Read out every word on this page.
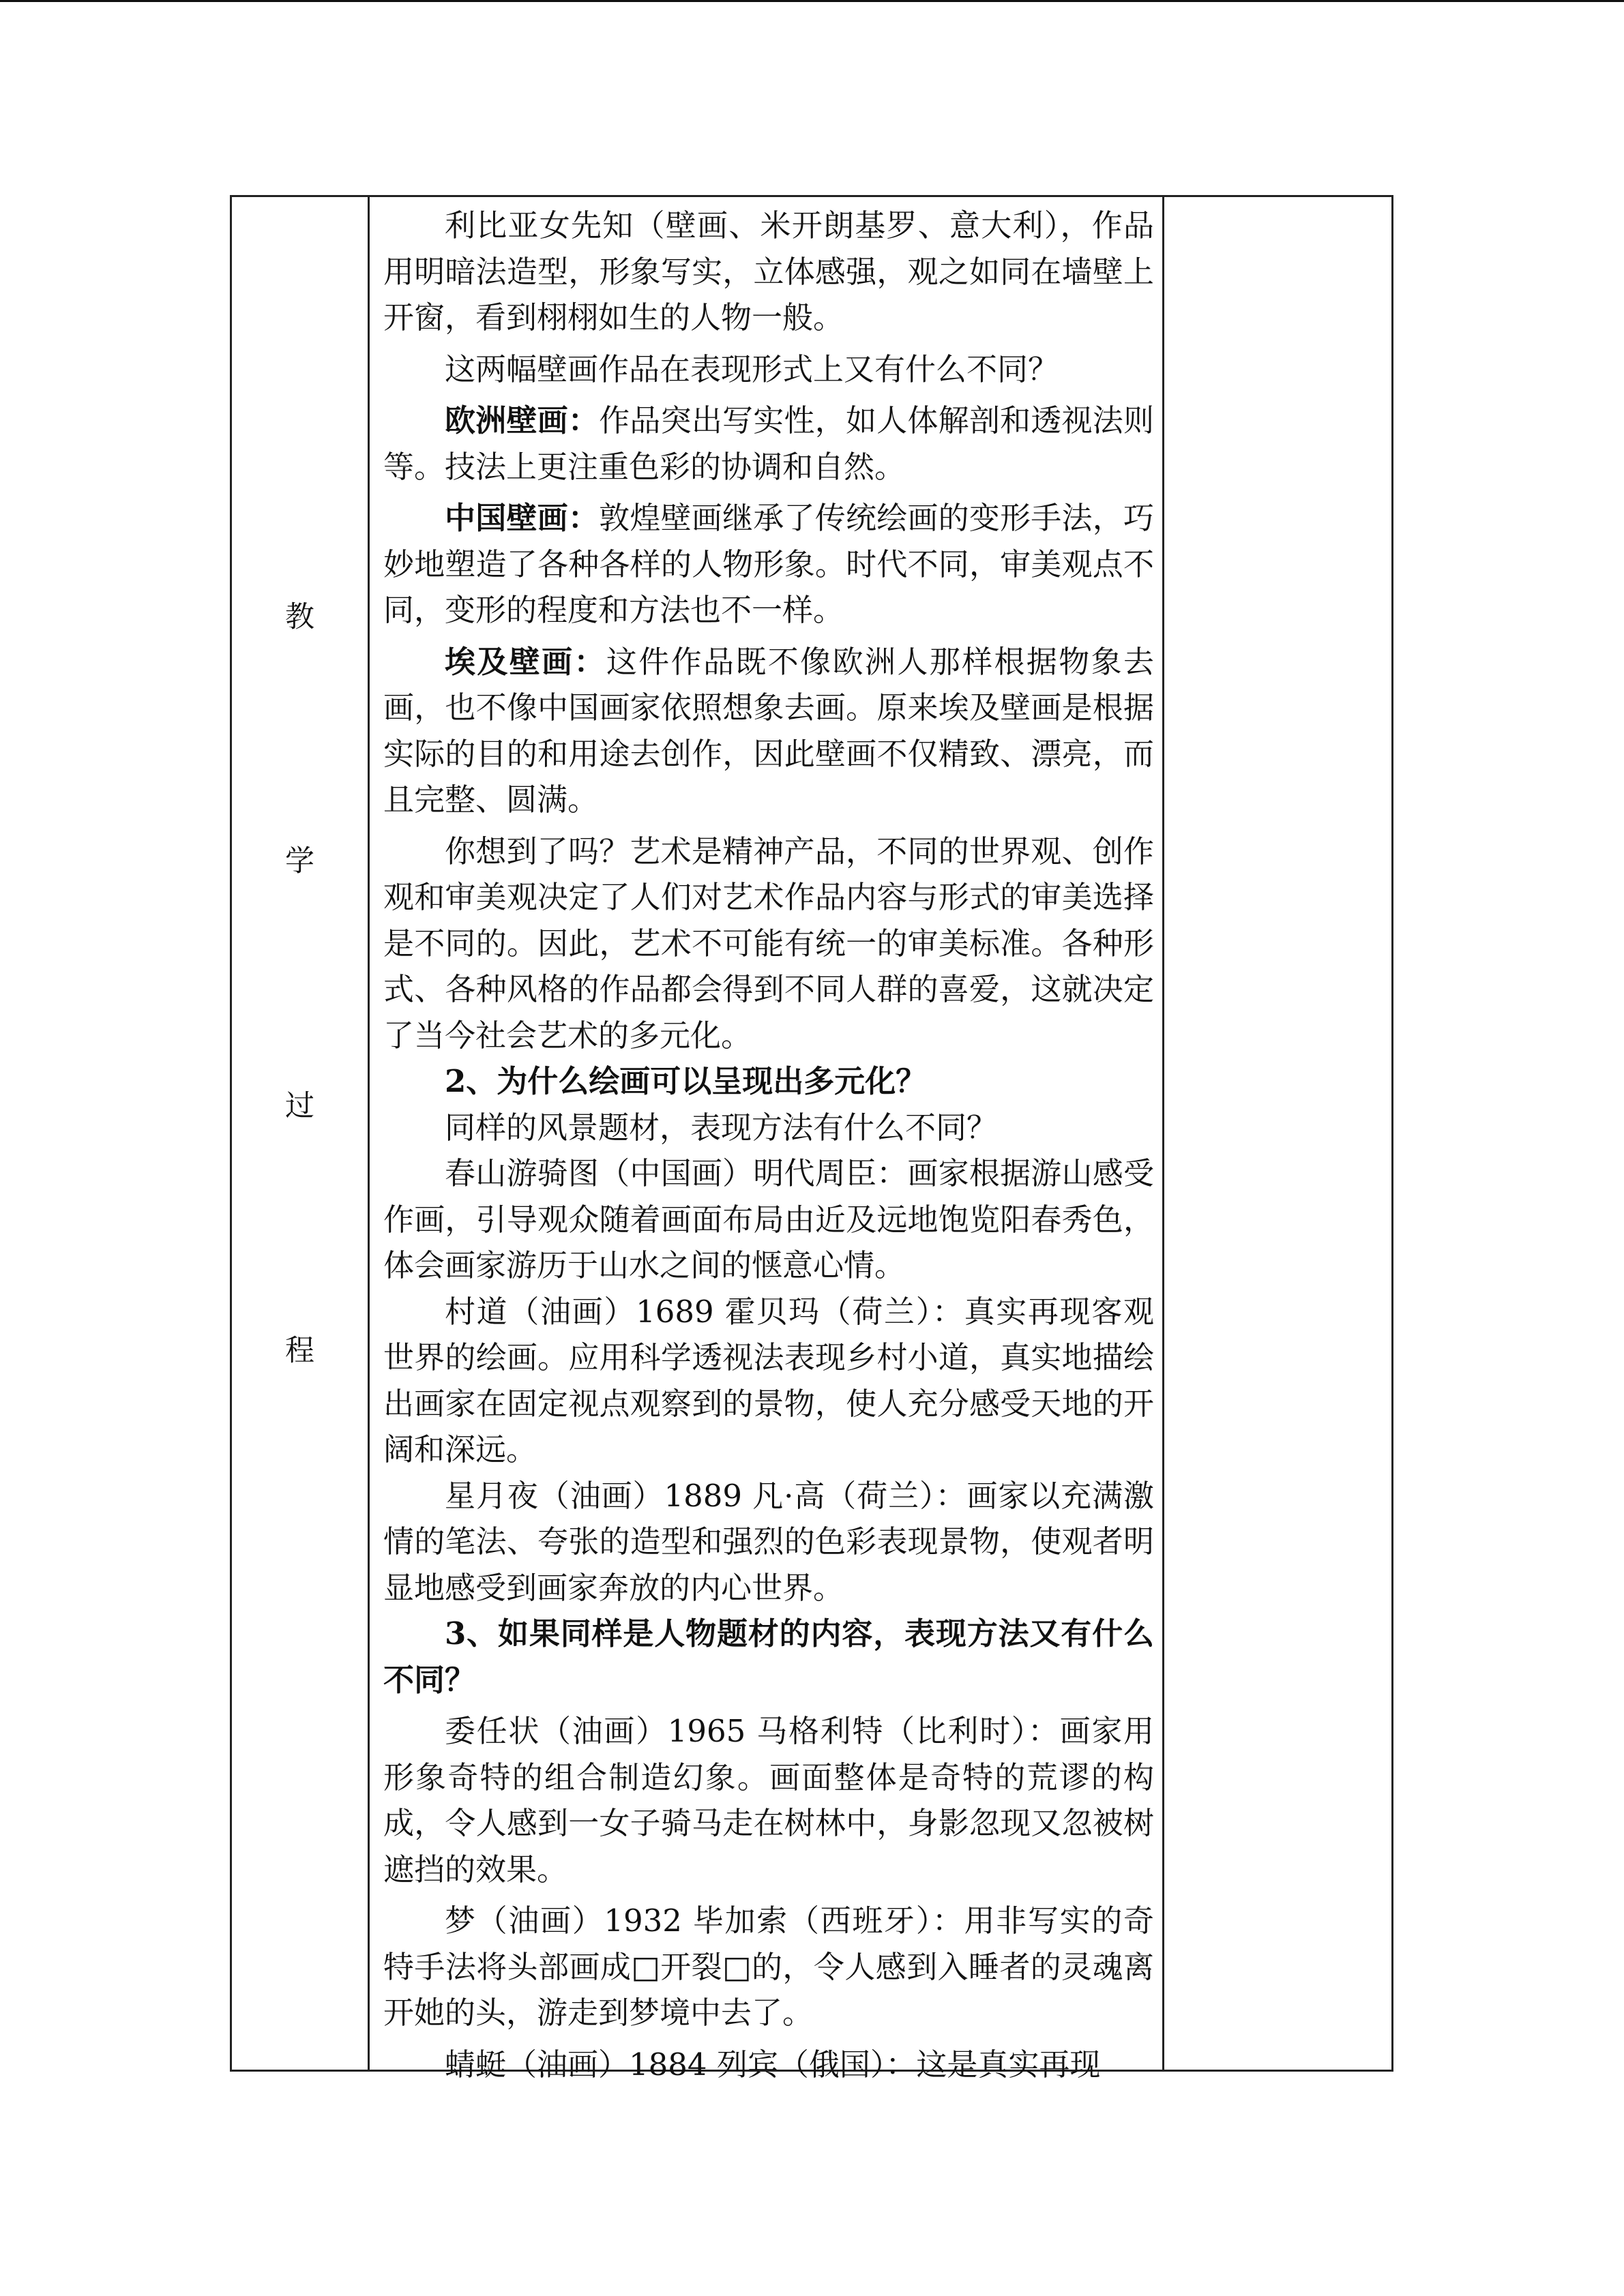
教
学
过
程

利比亚女先知（壁画、米开朗基罗、意大利），作品用明暗法造型，形象写实，立体感强，观之如同在墙壁上开窗，看到栩栩如生的人物一般。

这两幅壁画作品在表现形式上又有什么不同？

欧洲壁画：作品突出写实性，如人体解剖和透视法则等。技法上更注重色彩的协调和自然。

中国壁画：敦煌壁画继承了传统绘画的变形手法，巧妙地塑造了各种各样的人物形象。时代不同，审美观点不同，变形的程度和方法也不一样。

埃及壁画：这件作品既不像欧洲人那样根据物象去画，也不像中国画家依照想象去画。原来埃及壁画是根据实际的目的和用途去创作，因此壁画不仅精致、漂亮，而且完整、圆满。

你想到了吗？艺术是精神产品，不同的世界观、创作观和审美观决定了人们对艺术作品内容与形式的审美选择是不同的。因此，艺术不可能有统一的审美标准。各种形式、各种风格的作品都会得到不同人群的喜爱，这就决定了当今社会艺术的多元化。

2、为什么绘画可以呈现出多元化？

同样的风景题材，表现方法有什么不同？

春山游骑图（中国画）明代周臣：画家根据游山感受作画，引导观众随着画面布局由近及远地饱览阳春秀色，体会画家游历于山水之间的惬意心情。

村道（油画）1689 霍贝玛（荷兰）：真实再现客观世界的绘画。应用科学透视法表现乡村小道，真实地描绘出画家在固定视点观察到的景物，使人充分感受天地的开阔和深远。

星月夜（油画）1889 凡·高（荷兰）：画家以充满激情的笔法、夸张的造型和强烈的色彩表现景物，使观者明显地感受到画家奔放的内心世界。

3、如果同样是人物题材的内容，表现方法又有什么不同？

委任状（油画）1965 马格利特（比利时）：画家用形象奇特的组合制造幻象。画面整体是奇特的荒谬的构成，令人感到一女子骑马走在树林中，身影忽现又忽被树遮挡的效果。

梦（油画）1932 毕加索（西班牙）：用非写实的奇特手法将头部画成□开裂□的，令人感到入睡者的灵魂离开她的头，游走到梦境中去了。

蜻蜓（油画）1884 列宾（俄国）：这是真实再现
